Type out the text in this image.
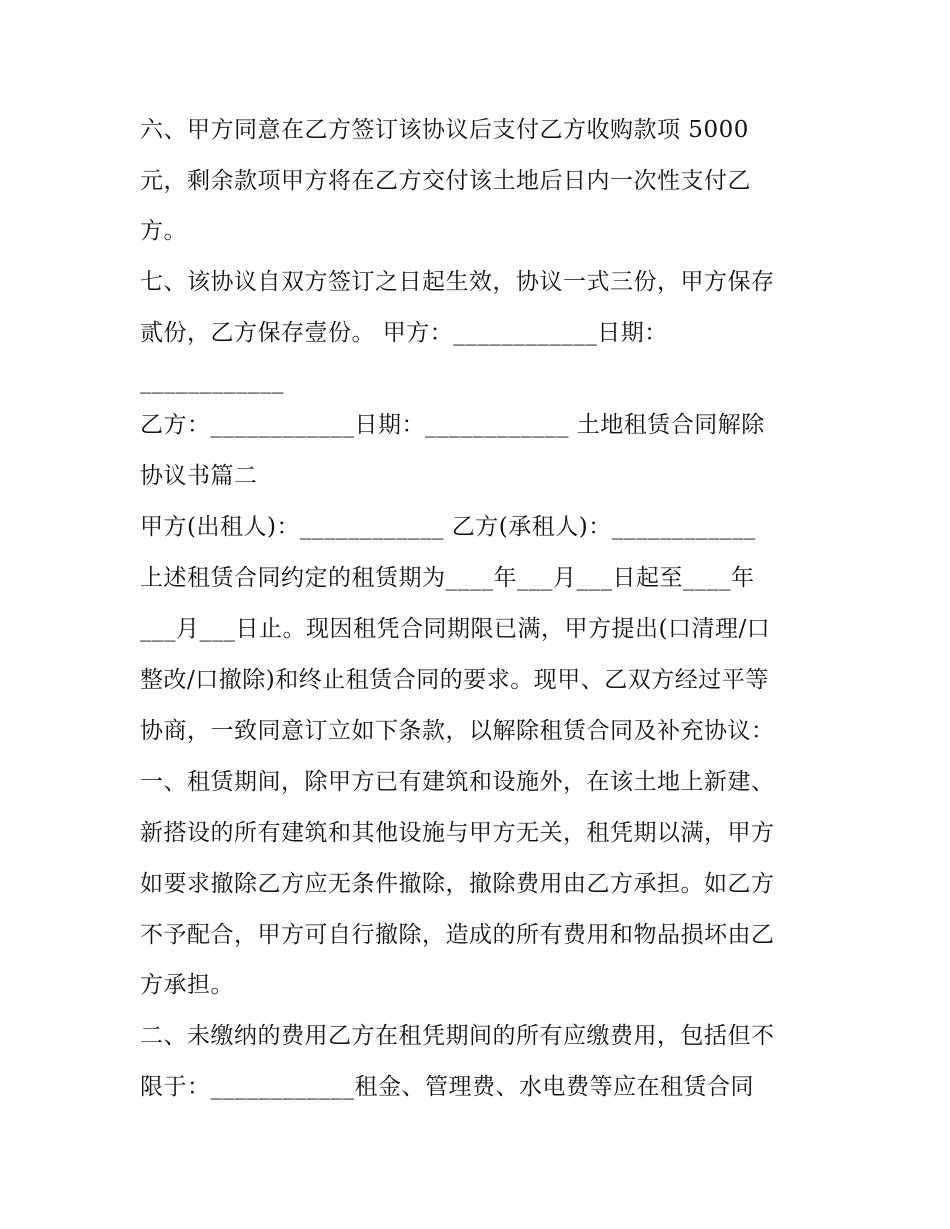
六、甲方同意在乙方签订该协议后支付乙方收购款项 5000
元，剩余款项甲方将在乙方交付该土地后日内一次性支付乙
方。
七、该协议自双方签订之日起生效，协议一式三份，甲方保存
贰份，乙方保存壹份。 甲方：____________日期：
____________
乙方：____________日期：____________ 土地租赁合同解除
协议书篇二
甲方(出租人)：____________ 乙方(承租人)：____________
上述租赁合同约定的租赁期为____年___月___日起至____年
___月___日止。现因租凭合同期限已满，甲方提出(口清理/口
整改/口撤除)和终止租赁合同的要求。现甲、乙双方经过平等
协商，一致同意订立如下条款，以解除租赁合同及补充协议：
一、租赁期间，除甲方已有建筑和设施外，在该土地上新建、
新搭设的所有建筑和其他设施与甲方无关，租凭期以满，甲方
如要求撤除乙方应无条件撤除，撤除费用由乙方承担。如乙方
不予配合，甲方可自行撤除，造成的所有费用和物品损坏由乙
方承担。
二、未缴纳的费用乙方在租凭期间的所有应缴费用，包括但不
限于：____________租金、管理费、水电费等应在租赁合同
